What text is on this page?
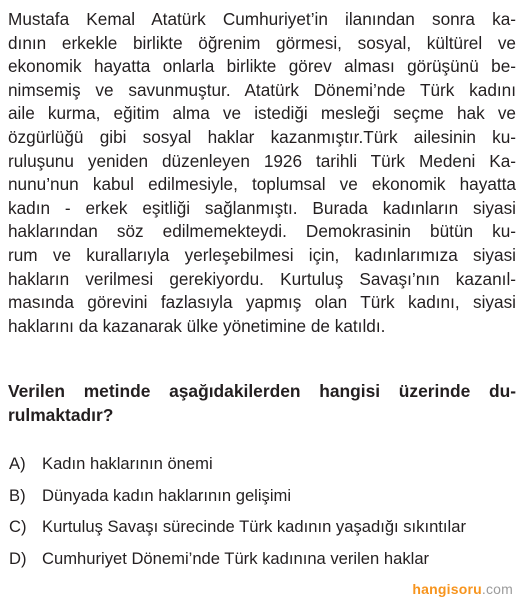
Mustafa Kemal Atatürk Cumhuriyet’in ilanından sonra ka-
dının erkekle birlikte öğrenim görmesi, sosyal, kültürel ve
ekonomik hayatta onlarla birlikte görev alması görüşünü be-
nimsemiş ve savunmuştur. Atatürk Dönemi’nde Türk kadını
aile kurma, eğitim alma ve istediği mesleği seçme hak ve
özgürlüğü gibi sosyal haklar kazanmıştır.Türk ailesinin ku-
ruluşunu yeniden düzenleyen 1926 tarihli Türk Medeni Ka-
nunu’nun kabul edilmesiyle, toplumsal ve ekonomik hayatta
kadın - erkek eşitliği sağlanmıştı. Burada kadınların siyasi
haklarından söz edilmemekteydi. Demokrasinin bütün ku-
rum ve kurallarıyla yerleşebilmesi için, kadınlarımıza siyasi
hakların verilmesi gerekiyordu. Kurtuluş Savaşı’nın kazanıl-
masında görevini fazlasıyla yapmış olan Türk kadını, siyasi
haklarını da kazanarak ülke yönetimine de katıldı.
Verilen metinde aşağıdakilerden hangisi üzerinde du-
rulmaktadır?
A) Kadın haklarının önemi
B) Dünyada kadın haklarının gelişimi
C) Kurtuluş Savaşı sürecinde Türk kadının yaşadığı sıkıntılar
D) Cumhuriyet Dönemi’nde Türk kadınına verilen haklar
hangisoru.com
